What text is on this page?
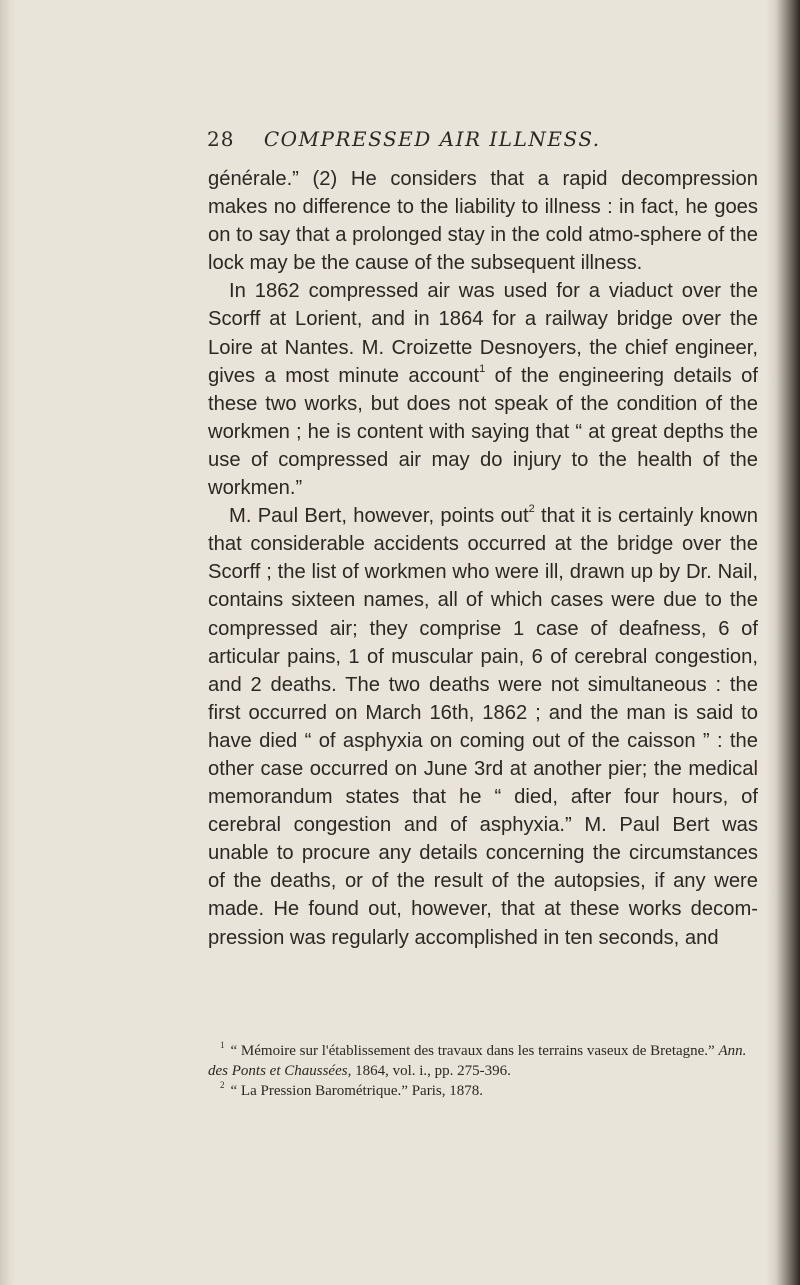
28 COMPRESSED AIR ILLNESS.

générale.” (2) He considers that a rapid decompression makes no difference to the liability to illness : in fact, he goes on to say that a prolonged stay in the cold atmo-sphere of the lock may be the cause of the subsequent illness.

In 1862 compressed air was used for a viaduct over the Scorff at Lorient, and in 1864 for a railway bridge over the Loire at Nantes. M. Croizette Desnoyers, the chief engineer, gives a most minute account$^1$ of the engineering details of these two works, but does not speak of the condition of the workmen ; he is content with saying that “ at great depths the use of compressed air may do injury to the health of the workmen.”

M. Paul Bert, however, points out$^2$ that it is certainly known that considerable accidents occurred at the bridge over the Scorff ; the list of workmen who were ill, drawn up by Dr. Nail, contains sixteen names, all of which cases were due to the compressed air; they comprise 1 case of deafness, 6 of articular pains, 1 of muscular pain, 6 of cerebral congestion, and 2 deaths. The two deaths were not simultaneous : the first occurred on March 16th, 1862 ; and the man is said to have died “ of asphyxia on coming out of the caisson ” : the other case occurred on June 3rd at another pier; the medical memorandum states that he “ died, after four hours, of cerebral congestion and of asphyxia.” M. Paul Bert was unable to procure any details concerning the circumstances of the deaths, or of the result of the autopsies, if any were made. He found out, however, that at these works decom-pression was regularly accomplished in ten seconds, and

$^1$ “ Mémoire sur l'établissement des travaux dans les terrains vaseux de Bretagne.” Ann. des Ponts et Chaussées, 1864, vol. i., pp. 275-396.

$^2$ “ La Pression Barométrique.” Paris, 1878.
